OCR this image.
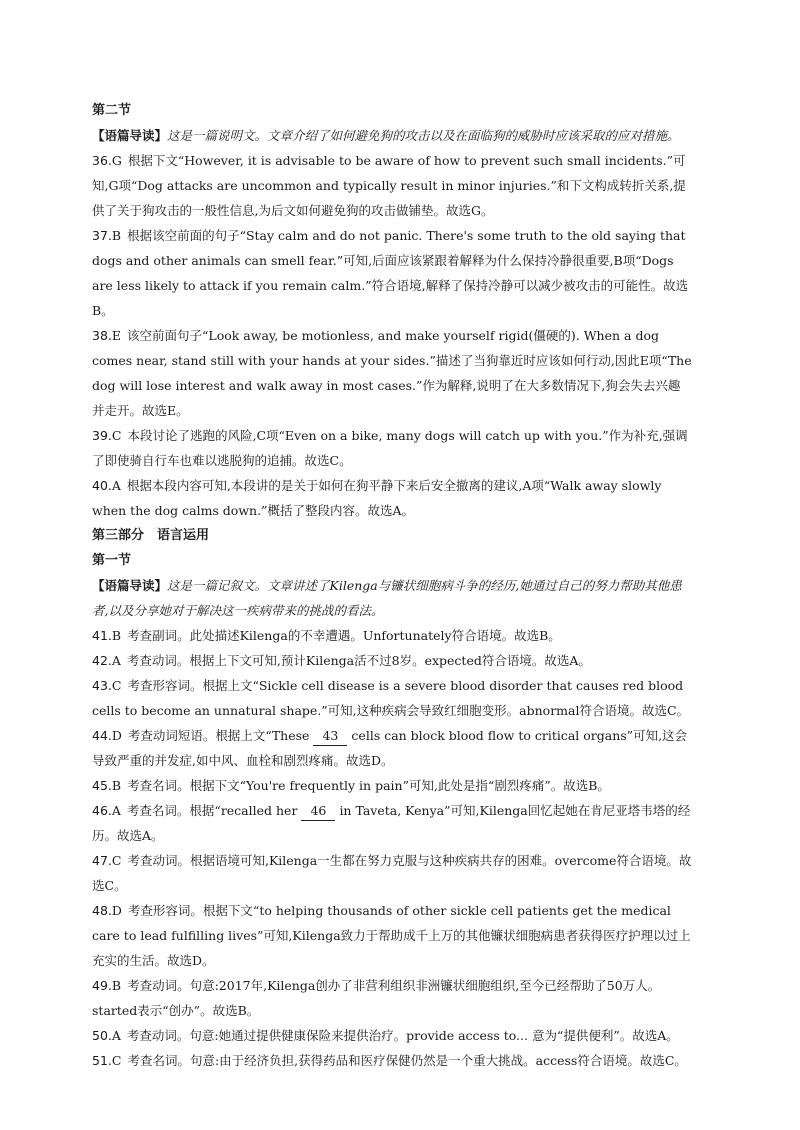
第二节

【语篇导读】这是一篇说明文。文章介绍了如何避免狗的攻击以及在面临狗的威胁时应该采取的应对措施。

36.G 根据下文“However, it is advisable to be aware of how to prevent such small incidents.”可知,G项“Dog attacks are uncommon and typically result in minor injuries.”和下文构成转折关系,提供了关于狗攻击的一般性信息,为后文如何避免狗的攻击做铺垫。故选G。

37.B 根据该空前面的句子“Stay calm and do not panic. There's some truth to the old saying that dogs and other animals can smell fear.”可知,后面应该紧跟着解释为什么保持冷静很重要,B项“Dogs are less likely to attack if you remain calm.”符合语境,解释了保持冷静可以减少被攻击的可能性。故选B。

38.E 该空前面句子“Look away, be motionless, and make yourself rigid(僵硬的). When a dog comes near, stand still with your hands at your sides.”描述了当狗靠近时应该如何行动,因此E项“The dog will lose interest and walk away in most cases.”作为解释,说明了在大多数情况下,狗会失去兴趣并走开。故选E。

39.C 本段讨论了逃跑的风险,C项“Even on a bike, many dogs will catch up with you.”作为补充,强调了即使骑自行车也难以逃脱狗的追捕。故选C。

40.A 根据本段内容可知,本段讲的是关于如何在狗平静下来后安全撤离的建议,A项“Walk away slowly when the dog calms down.”概括了整段内容。故选A。

第三部分　语言运用
第一节

【语篇导读】这是一篇记叙文。文章讲述了Kilenga与镰状细胞病斗争的经历,她通过自己的努力帮助其他患者,以及分享她对于解决这一疾病带来的挑战的看法。

41.B 考查副词。此处描述Kilenga的不幸遭遇。Unfortunately符合语境。故选B。

42.A 考查动词。根据上下文可知,预计Kilenga活不过8岁。expected符合语境。故选A。

43.C 考查形容词。根据上文“Sickle cell disease is a severe blood disorder that causes red blood cells to become an unnatural shape.”可知,这种疾病会导致红细胞变形。abnormal符合语境。故选C。

44.D 考查动词短语。根据上文“These 43 cells can block blood flow to critical organs”可知,这会导致严重的并发症,如中风、血栓和剧烈疼痛。故选D。

45.B 考查名词。根据下文“You're frequently in pain”可知,此处是指“剧烈疼痛”。故选B。

46.A 考查名词。根据“recalled her 46 in Taveta, Kenya”可知,Kilenga回忆起她在肯尼亚塔韦塔的经历。故选A。

47.C 考查动词。根据语境可知,Kilenga一生都在努力克服与这种疾病共存的困难。overcome符合语境。故选C。

48.D 考查形容词。根据下文“to helping thousands of other sickle cell patients get the medical care to lead fulfilling lives”可知,Kilenga致力于帮助成千上万的其他镰状细胞病患者获得医疗护理以过上充实的生活。故选D。

49.B 考查动词。句意:2017年,Kilenga创办了非营利组织非洲镰状细胞组织,至今已经帮助了50万人。started表示“创办”。故选B。

50.A 考查动词。句意:她通过提供健康保险来提供治疗。provide access to... 意为“提供便利”。故选A。

51.C 考查名词。句意:由于经济负担,获得药品和医疗保健仍然是一个重大挑战。access符合语境。故选C。
